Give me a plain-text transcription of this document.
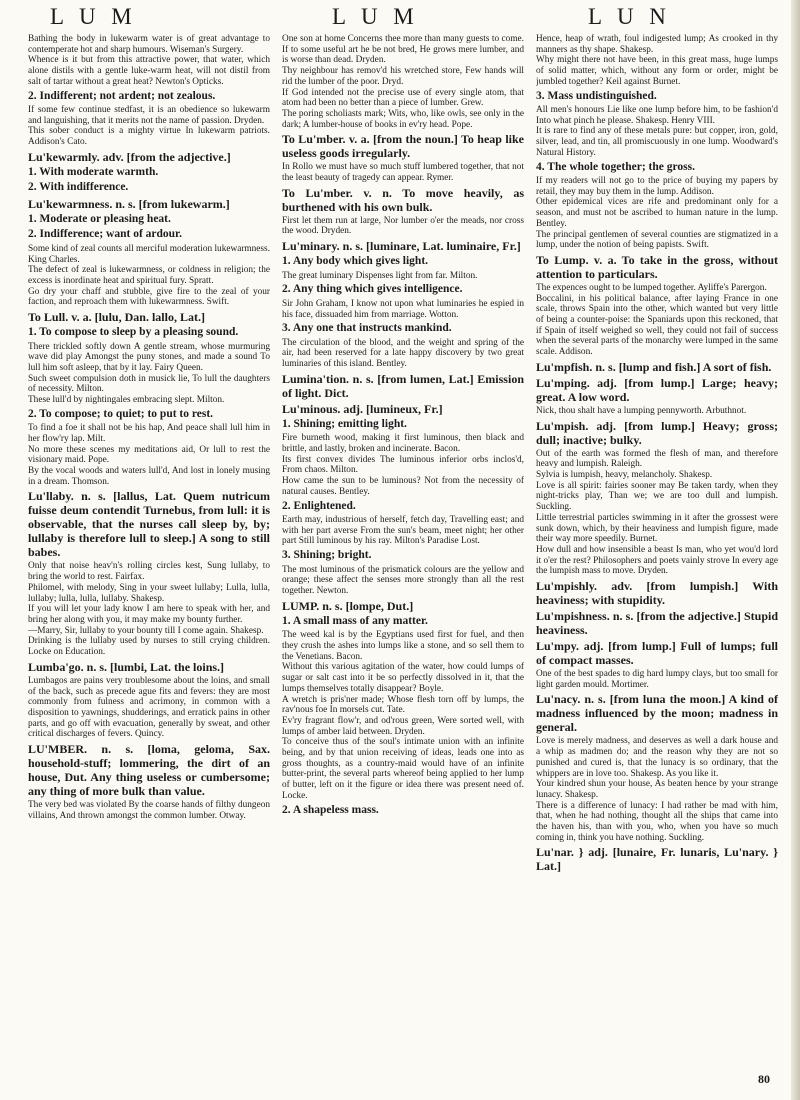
L U M	L U M	L U N

Bathing the body in lukewarm water is of great advantage to contemperate hot and sharp humours. Wiseman's Surgery.

Whence is it but from this attractive power, that water, which alone distils with a gentle luke-warm heat, will not distil from salt of tartar without a great heat? Newton's Opticks.

2. Indifferent; not ardent; not zealous.

If some few continue stedfast, it is an obedience so lukewarm and languishing, that it merits not the name of passion. Dryden.

This sober conduct is a mighty virtue In lukewarm patriots. Addison's Cato.

Lu'kewarmly. adv. [from the adjective.]

1. With moderate warmth.

2. With indifference.

Lu'kewarmness. n. s. [from lukewarm.]

1. Moderate or pleasing heat.

2. Indifference; want of ardour.

Some kind of zeal counts all merciful moderation lukewarmness. King Charles.

The defect of zeal is lukewarmness, or coldness in religion; the excess is inordinate heat and spiritual fury. Spratt.

Go dry your chaff and stubble, give fire to the zeal of your faction, and reproach them with lukewarmness. Swift.

To Lull. v. a. [lulu, Dan. lallo, Lat.]

1. To compose to sleep by a pleasing sound.

There trickled softly down A gentle stream, whose murmuring wave did play Amongst the puny stones, and made a sound To lull him soft asleep, that by it lay. Fairy Queen.

Such sweet compulsion doth in musick lie, To lull the daughters of necessity. Milton.

These lull'd by nightingales embracing slept. Milton.

2. To compose; to quiet; to put to rest.

To find a foe it shall not be his hap, And peace shall lull him in her flow'ry lap. Milt.

No more these scenes my meditations aid, Or lull to rest the visionary maid. Pope.

By the vocal woods and waters lull'd, And lost in lonely musing in a dream. Thomson.

Lu'llaby. n. s. [lallus, Lat. Quem nutricum fuisse deum contendit Turnebus, from lull: it is observable, that the nurses call sleep by, by; lullaby is therefore lull to sleep.] A song to still babes.

Only that noise heav'n's rolling circles kest, Sung lullaby, to bring the world to rest. Fairfax.

Philomel, with melody, Sing in your sweet lullaby; Lulla, lulla, lullaby; lulla, lulla, lullaby. Shakesp.

If you will let your lady know I am here to speak with her, and bring her along with you, it may make my bounty further.

—Marry, Sir, lullaby to your bounty till I come again. Shakesp.

Drinking is the lullaby used by nurses to still crying children. Locke on Education.

Lumba'go. n. s. [lumbi, Lat. the loins.]

Lumbagos are pains very troublesome about the loins, and small of the back, such as precede ague fits and fevers: they are most commonly from fulness and acrimony, in common with a disposition to yawnings, shudderings, and erratick pains in other parts, and go off with evacuation, generally by sweat, and other critical discharges of fevers. Quincy.

LU'MBER. n. s. [loma, geloma, Sax. household-stuff; lommering, the dirt of an house, Dut. Any thing useless or cumbersome; any thing of more bulk than value.

The very bed was violated By the coarse hands of filthy dungeon villains, And thrown amongst the common lumber. Otway.

One son at home Concerns thee more than many guests to come. If to some useful art he be not bred, He grows mere lumber, and is worse than dead. Dryden.

Thy neighbour has remov'd his wretched store, Few hands will rid the lumber of the poor. Dryd.

If God intended not the precise use of every single atom, that atom had been no better than a piece of lumber. Grew.

The poring scholiasts mark; Wits, who, like owls, see only in the dark; A lumber-house of books in ev'ry head. Pope.

To Lu'mber. v. a. [from the noun.] To heap like useless goods irregularly.

In Rollo we must have so much stuff lumbered together, that not the least beauty of tragedy can appear. Rymer.

To Lu'mber. v. n. To move heavily, as burthened with his own bulk.

First let them run at large, Nor lumber o'er the meads, nor cross the wood. Dryden.

Lu'minary. n. s. [luminare, Lat. luminaire, Fr.]

1. Any body which gives light.

The great luminary Dispenses light from far. Milton.

2. Any thing which gives intelligence.

Sir John Graham, I know not upon what luminaries he espied in his face, dissuaded him from marriage. Wotton.

3. Any one that instructs mankind.

The circulation of the blood, and the weight and spring of the air, had been reserved for a late happy discovery by two great luminaries of this island. Bentley.

Lumina'tion. n. s. [from lumen, Lat.] Emission of light. Dict.

Lu'minous. adj. [lumineux, Fr.]

1. Shining; emitting light.

Fire burneth wood, making it first luminous, then black and brittle, and lastly, broken and incinerate. Bacon.

Its first convex divides The luminous inferior orbs inclos'd, From chaos. Milton.

How came the sun to be luminous? Not from the necessity of natural causes. Bentley.

2. Enlightened.

Earth may, industrious of herself, fetch day, Travelling east; and with her part averse From the sun's beam, meet night; her other part Still luminous by his ray. Milton's Paradise Lost.

3. Shining; bright.

The most luminous of the prismatick colours are the yellow and orange; these affect the senses more strongly than all the rest together. Newton.

LUMP. n. s. [lompe, Dut.]

1. A small mass of any matter.

The weed kal is by the Egyptians used first for fuel, and then they crush the ashes into lumps like a stone, and so sell them to the Venetians. Bacon.

Without this various agitation of the water, how could lumps of sugar or salt cast into it be so perfectly dissolved in it, that the lumps themselves totally disappear? Boyle.

A wretch is pris'ner made; Whose flesh torn off by lumps, the rav'nous foe In morsels cut. Tate.

Ev'ry fragrant flow'r, and od'rous green, Were sorted well, with lumps of amber laid between. Dryden.

To conceive thus of the soul's intimate union with an infinite being, and by that union receiving of ideas, leads one into as gross thoughts, as a country-maid would have of an infinite butter-print, the several parts whereof being applied to her lump of butter, left on it the figure or idea there was present need of. Locke.

2. A shapeless mass.

Hence, heap of wrath, foul indigested lump; As crooked in thy manners as thy shape. Shakesp.

Why might there not have been, in this great mass, huge lumps of solid matter, which, without any form or order, might be jumbled together? Keil against Burnet.

3. Mass undistinguished.

All men's honours Lie like one lump before him, to be fashion'd Into what pinch he please. Shakesp. Henry VIII.

It is rare to find any of these metals pure: but copper, iron, gold, silver, lead, and tin, all promiscuously in one lump. Woodward's Natural History.

4. The whole together; the gross.

If my readers will not go to the price of buying my papers by retail, they may buy them in the lump. Addison.

Other epidemical vices are rife and predominant only for a season, and must not be ascribed to human nature in the lump. Bentley.

The principal gentlemen of several counties are stigmatized in a lump, under the notion of being papists. Swift.

To Lump. v. a. To take in the gross, without attention to particulars.

The expences ought to be lumped together. Ayliffe's Parergon.

Boccalini, in his political balance, after laying France in one scale, throws Spain into the other, which wanted but very little of being a counter-poise: the Spaniards upon this reckoned, that if Spain of itself weighed so well, they could not fail of success when the several parts of the monarchy were lumped in the same scale. Addison.

Lu'mpfish. n. s. [lump and fish.] A sort of fish.

Lu'mping. adj. [from lump.] Large; heavy; great. A low word.

Nick, thou shalt have a lumping pennyworth. Arbuthnot.

Lu'mpish. adj. [from lump.] Heavy; gross; dull; inactive; bulky.

Out of the earth was formed the flesh of man, and therefore heavy and lumpish. Raleigh.

Sylvia is lumpish, heavy, melancholy. Shakesp.

Love is all spirit: fairies sooner may Be taken tardy, when they night-tricks play, Than we; we are too dull and lumpish. Suckling.

Little terrestrial particles swimming in it after the grossest were sunk down, which, by their heaviness and lumpish figure, made their way more speedily. Burnet.

How dull and how insensible a beast Is man, who yet wou'd lord it o'er the rest? Philosophers and poets vainly strove In every age the lumpish mass to move. Dryden.

Lu'mpishly. adv. [from lumpish.] With heaviness; with stupidity.

Lu'mpishness. n. s. [from the adjective.] Stupid heaviness.

Lu'mpy. adj. [from lump.] Full of lumps; full of compact masses.

One of the best spades to dig hard lumpy clays, but too small for light garden mould. Mortimer.

Lu'nacy. n. s. [from luna the moon.] A kind of madness influenced by the moon; madness in general.

Love is merely madness, and deserves as well a dark house and a whip as madmen do; and the reason why they are not so punished and cured is, that the lunacy is so ordinary, that the whippers are in love too. Shakesp. As you like it.

Your kindred shun your house, As beaten hence by your strange lunacy. Shakesp.

There is a difference of lunacy: I had rather be mad with him, that, when he had nothing, thought all the ships that came into the haven his, than with you, who, when you have so much coming in, think you have nothing. Suckling.

Lu'nar. } adj. [lunaire, Fr. lunaris, Lu'nary. } Lat.]

80
